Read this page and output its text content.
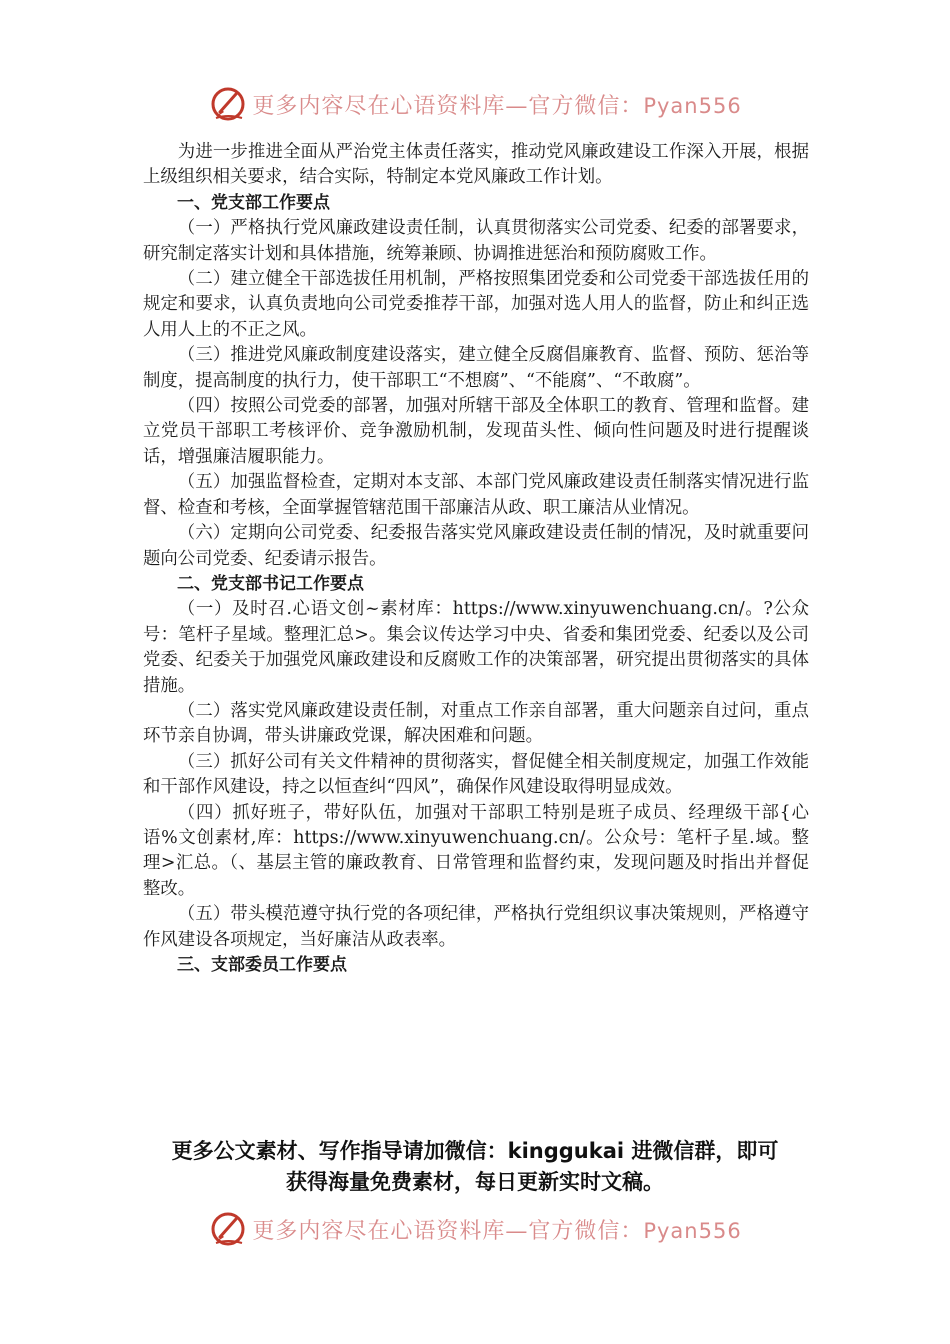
更多内容尽在心语资料库—官方微信：Pyan556

为进一步推进全面从严治党主体责任落实，推动党风廉政建设工作深入开展，根据上级组织相关要求，结合实际，特制定本党风廉政工作计划。

一、党支部工作要点

（一）严格执行党风廉政建设责任制，认真贯彻落实公司党委、纪委的部署要求，研究制定落实计划和具体措施，统筹兼顾、协调推进惩治和预防腐败工作。

（二）建立健全干部选拔任用机制，严格按照集团党委和公司党委干部选拔任用的规定和要求，认真负责地向公司党委推荐干部，加强对选人用人的监督，防止和纠正选人用人上的不正之风。

（三）推进党风廉政制度建设落实，建立健全反腐倡廉教育、监督、预防、惩治等制度，提高制度的执行力，使干部职工“不想腐”、“不能腐”、“不敢腐”。

（四）按照公司党委的部署，加强对所辖干部及全体职工的教育、管理和监督。建立党员干部职工考核评价、竞争激励机制，发现苗头性、倾向性问题及时进行提醒谈话，增强廉洁履职能力。

（五）加强监督检查，定期对本支部、本部门党风廉政建设责任制落实情况进行监督、检查和考核，全面掌握管辖范围干部廉洁从政、职工廉洁从业情况。

（六）定期向公司党委、纪委报告落实党风廉政建设责任制的情况，及时就重要问题向公司党委、纪委请示报告。

二、党支部书记工作要点

（一）及时召.心语文创~素材库：https://www.xinyuwenchuang.cn/。?公众号：笔杆子星域。整理汇总>。集会议传达学习中央、省委和集团党委、纪委以及公司党委、纪委关于加强党风廉政建设和反腐败工作的决策部署，研究提出贯彻落实的具体措施。

（二）落实党风廉政建设责任制，对重点工作亲自部署，重大问题亲自过问，重点环节亲自协调，带头讲廉政党课，解决困难和问题。

（三）抓好公司有关文件精神的贯彻落实，督促健全相关制度规定，加强工作效能和干部作风建设，持之以恒查纠“四风”，确保作风建设取得明显成效。

（四）抓好班子，带好队伍，加强对干部职工特别是班子成员、经理级干部{心语%文创素材,库：https://www.xinyuwenchuang.cn/。公众号：笔杆子星.域。整理>汇总。（、基层主管的廉政教育、日常管理和监督约束，发现问题及时指出并督促整改。

（五）带头模范遵守执行党的各项纪律，严格执行党组织议事决策规则，严格遵守作风建设各项规定，当好廉洁从政表率。

三、支部委员工作要点

更多公文素材、写作指导请加微信：kinggukai 进微信群，即可
获得海量免费素材，每日更新实时文稿。
更多内容尽在心语资料库—官方微信：Pyan556
